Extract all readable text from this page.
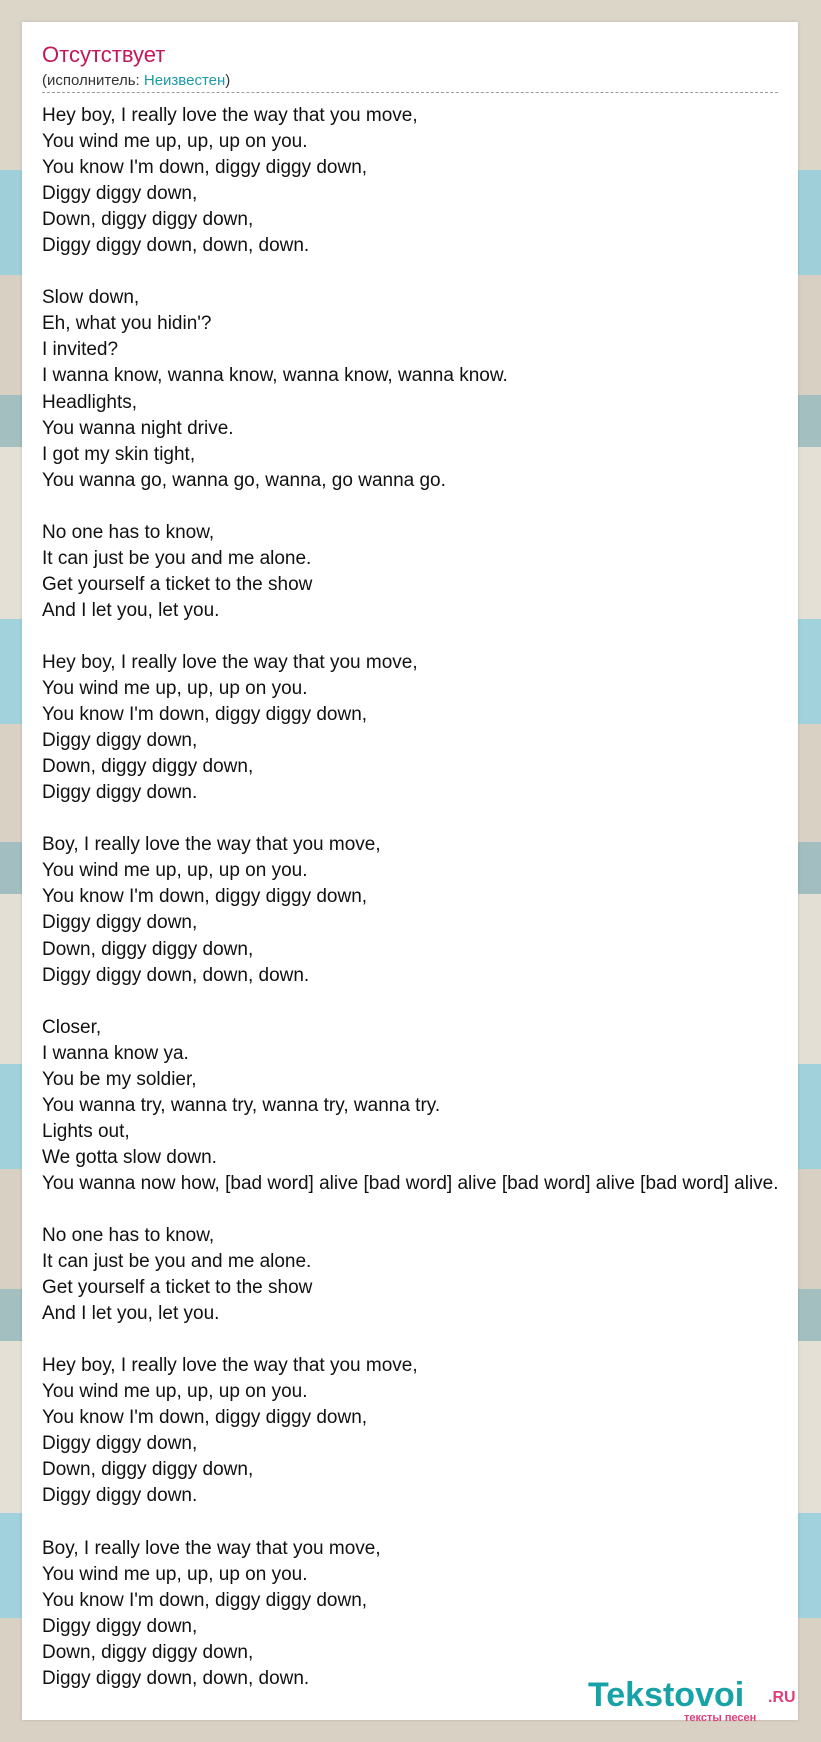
Отсутствует
(исполнитель: Неизвестен)
Hey boy, I really love the way that you move,
You wind me up, up, up on you.
You know I'm down, diggy diggy down,
Diggy diggy down,
Down, diggy diggy down,
Diggy diggy down, down, down.
Slow down,
Eh, what you hidin'?
I invited?
I wanna know, wanna know, wanna know, wanna know.
Headlights,
You wanna night drive.
I got my skin tight,
You wanna go, wanna go, wanna, go wanna go.
No one has to know,
It can just be you and me alone.
Get yourself a ticket to the show
And I let you, let you.
Hey boy, I really love the way that you move,
You wind me up, up, up on you.
You know I'm down, diggy diggy down,
Diggy diggy down,
Down, diggy diggy down,
Diggy diggy down.
Boy, I really love the way that you move,
You wind me up, up, up on you.
You know I'm down, diggy diggy down,
Diggy diggy down,
Down, diggy diggy down,
Diggy diggy down, down, down.
Closer,
I wanna know ya.
You be my soldier,
You wanna try, wanna try, wanna try, wanna try.
Lights out,
We gotta slow down.
You wanna now how, [bad word] alive [bad word] alive [bad word] alive [bad word] alive.
No one has to know,
It can just be you and me alone.
Get yourself a ticket to the show
And I let you, let you.
Hey boy, I really love the way that you move,
You wind me up, up, up on you.
You know I'm down, diggy diggy down,
Diggy diggy down,
Down, diggy diggy down,
Diggy diggy down.
Boy, I really love the way that you move,
You wind me up, up, up on you.
You know I'm down, diggy diggy down,
Diggy diggy down,
Down, diggy diggy down,
Diggy diggy down, down, down.	Tekstovoi .RU
тексты песен
